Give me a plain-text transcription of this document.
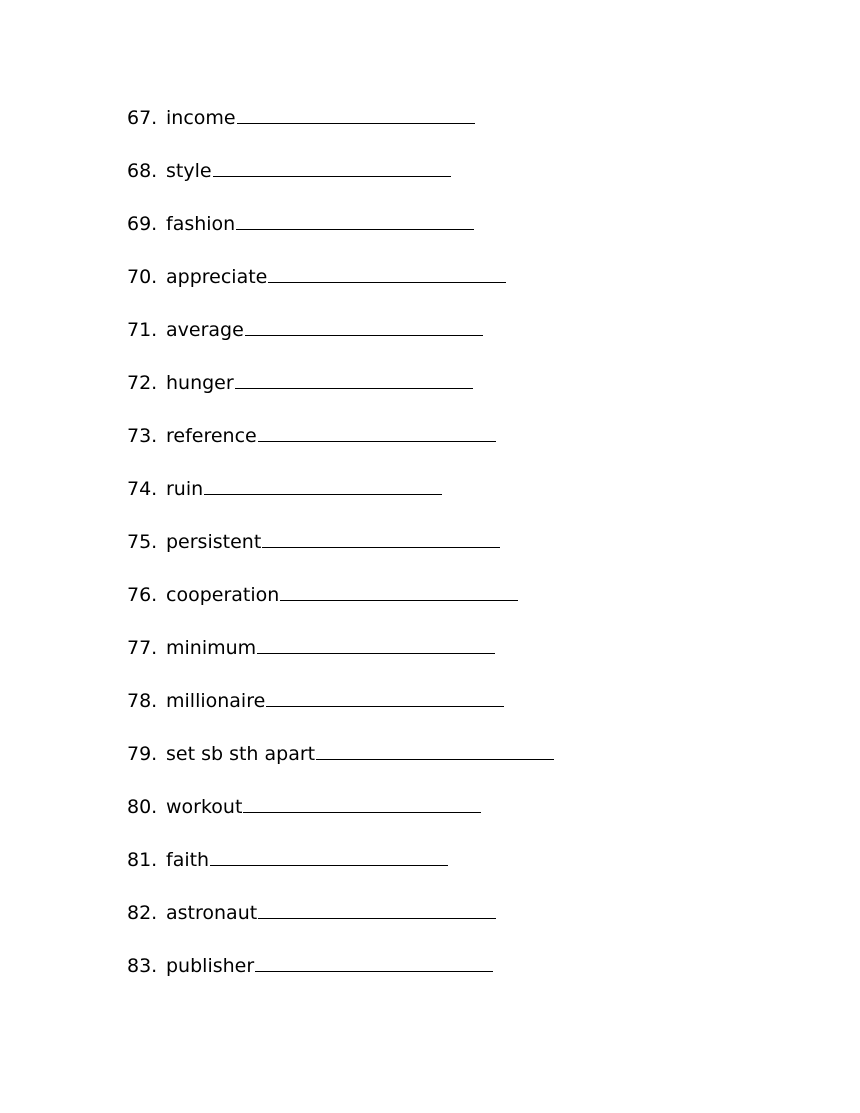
67. income
68. style
69. fashion
70. appreciate
71. average
72. hunger
73. reference
74. ruin
75. persistent
76. cooperation
77. minimum
78. millionaire
79. set sb sth apart
80. workout
81. faith
82. astronaut
83. publisher
